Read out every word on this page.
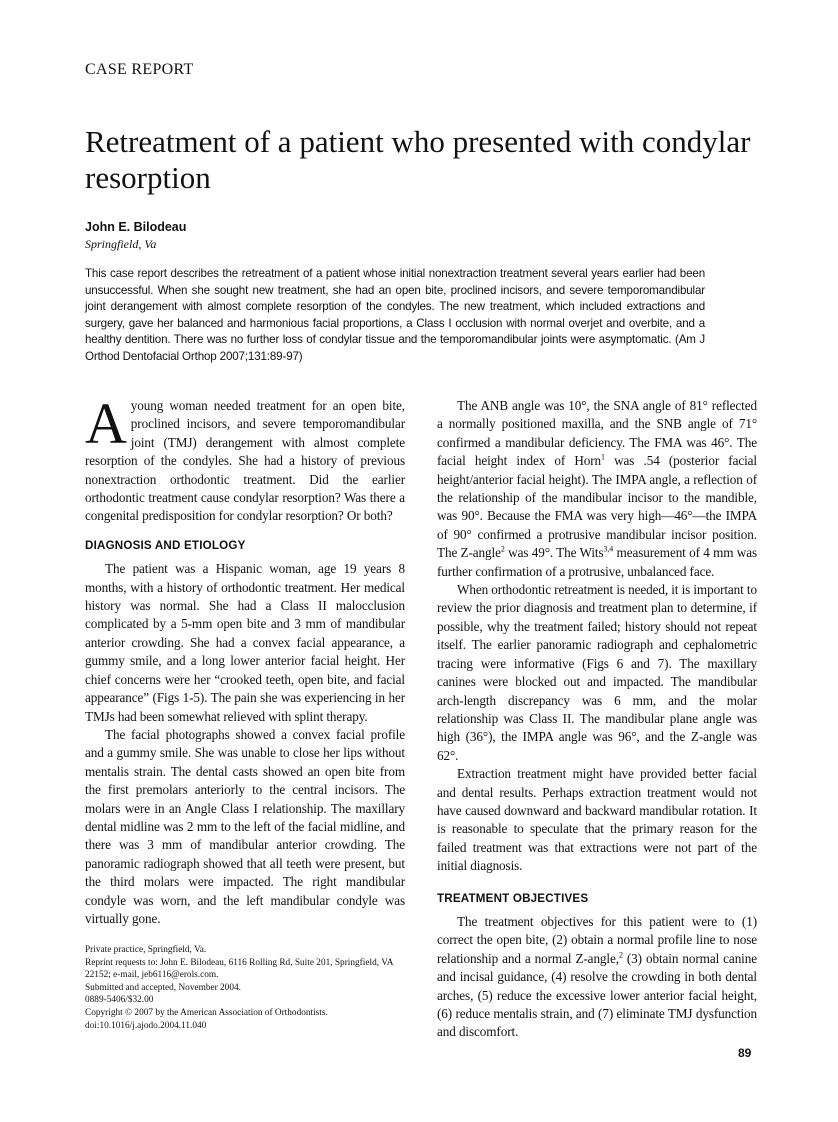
CASE REPORT
Retreatment of a patient who presented with condylar resorption
John E. Bilodeau
Springfield, Va
This case report describes the retreatment of a patient whose initial nonextraction treatment several years earlier had been unsuccessful. When she sought new treatment, she had an open bite, proclined incisors, and severe temporomandibular joint derangement with almost complete resorption of the condyles. The new treatment, which included extractions and surgery, gave her balanced and harmonious facial proportions, a Class I occlusion with normal overjet and overbite, and a healthy dentition. There was no further loss of condylar tissue and the temporomandibular joints were asymptomatic. (Am J Orthod Dentofacial Orthop 2007;131:89-97)

Ayoung woman needed treatment for an open bite, proclined incisors, and severe temporomandibular joint (TMJ) derangement with almost complete resorption of the condyles. She had a history of previous nonextraction orthodontic treatment. Did the earlier orthodontic treatment cause condylar resorption? Was there a congenital predisposition for condylar resorption? Or both?

DIAGNOSIS AND ETIOLOGY

The patient was a Hispanic woman, age 19 years 8 months, with a history of orthodontic treatment. Her medical history was normal. She had a Class II malocclusion complicated by a 5-mm open bite and 3 mm of mandibular anterior crowding. She had a convex facial appearance, a gummy smile, and a long lower anterior facial height. Her chief concerns were her “crooked teeth, open bite, and facial appearance” (Figs 1-5). The pain she was experiencing in her TMJs had been somewhat relieved with splint therapy.

The facial photographs showed a convex facial profile and a gummy smile. She was unable to close her lips without mentalis strain. The dental casts showed an open bite from the first premolars anteriorly to the central incisors. The molars were in an Angle Class I relationship. The maxillary dental midline was 2 mm to the left of the facial midline, and there was 3 mm of mandibular anterior crowding. The panoramic radiograph showed that all teeth were present, but the third molars were impacted. The right mandibular condyle was worn, and the left mandibular condyle was virtually gone.

The ANB angle was 10°, the SNA angle of 81° reflected a normally positioned maxilla, and the SNB angle of 71° confirmed a mandibular deficiency. The FMA was 46°. The facial height index of Horn$^1$ was .54 (posterior facial height/anterior facial height). The IMPA angle, a reflection of the relationship of the mandibular incisor to the mandible, was 90°. Because the FMA was very high—46°—the IMPA of 90° confirmed a protrusive mandibular incisor position. The Z-angle$^2$ was 49°. The Wits$^{3,4}$ measurement of 4 mm was further confirmation of a protrusive, unbalanced face.

When orthodontic retreatment is needed, it is important to review the prior diagnosis and treatment plan to determine, if possible, why the treatment failed; history should not repeat itself. The earlier panoramic radiograph and cephalometric tracing were informative (Figs 6 and 7). The maxillary canines were blocked out and impacted. The mandibular arch-length discrepancy was 6 mm, and the molar relationship was Class II. The mandibular plane angle was high (36°), the IMPA angle was 96°, and the Z-angle was 62°.

Extraction treatment might have provided better facial and dental results. Perhaps extraction treatment would not have caused downward and backward mandibular rotation. It is reasonable to speculate that the primary reason for the failed treatment was that extractions were not part of the initial diagnosis.

TREATMENT OBJECTIVES

The treatment objectives for this patient were to (1) correct the open bite, (2) obtain a normal profile line to nose relationship and a normal Z-angle,$^2$ (3) obtain normal canine and incisal guidance, (4) resolve the crowding in both dental arches, (5) reduce the excessive lower anterior facial height, (6) reduce mentalis strain, and (7) eliminate TMJ dysfunction and discomfort.

Private practice, Springfield, Va.
Reprint requests to: John E. Bilodeau, 6116 Rolling Rd, Suite 201, Springfield, VA 22152; e-mail, jeb6116@erols.com.
Submitted and accepted, November 2004.
0889-5406/$32.00
Copyright © 2007 by the American Association of Orthodontists.
doi:10.1016/j.ajodo.2004.11.040
89
